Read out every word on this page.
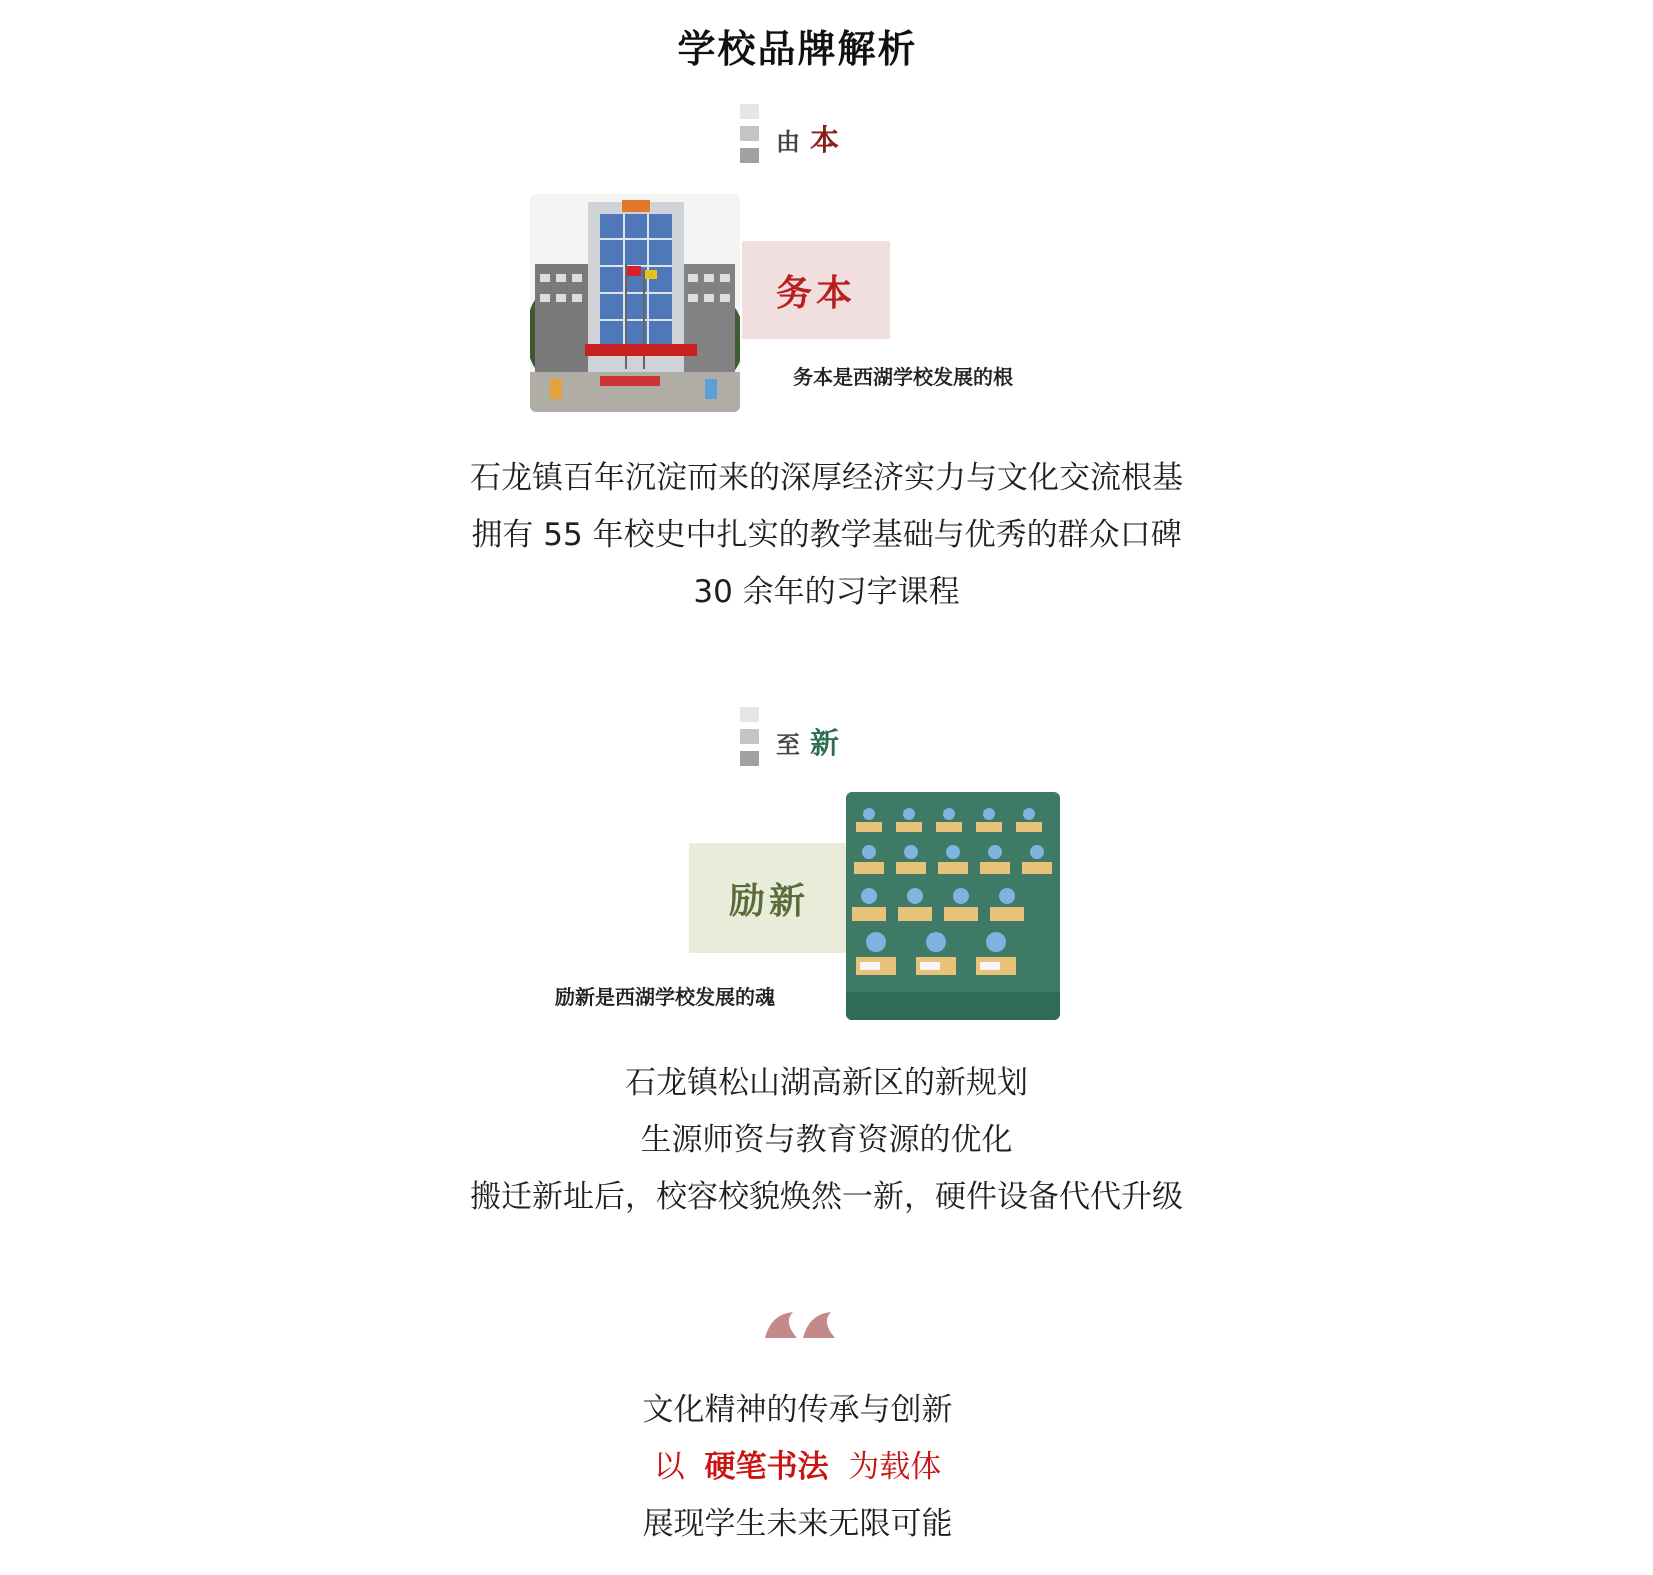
学校品牌解析
由 本
务本
务本是西湖学校发展的根
石龙镇百年沉淀而来的深厚经济实力与文化交流根基
拥有 55 年校史中扎实的教学基础与优秀的群众口碑
30 余年的习字课程
至 新
励新
励新是西湖学校发展的魂
石龙镇松山湖高新区的新规划
生源师资与教育资源的优化
搬迁新址后，校容校貌焕然一新，硬件设备代代升级
文化精神的传承与创新
以 硬笔书法 为载体
展现学生未来无限可能
